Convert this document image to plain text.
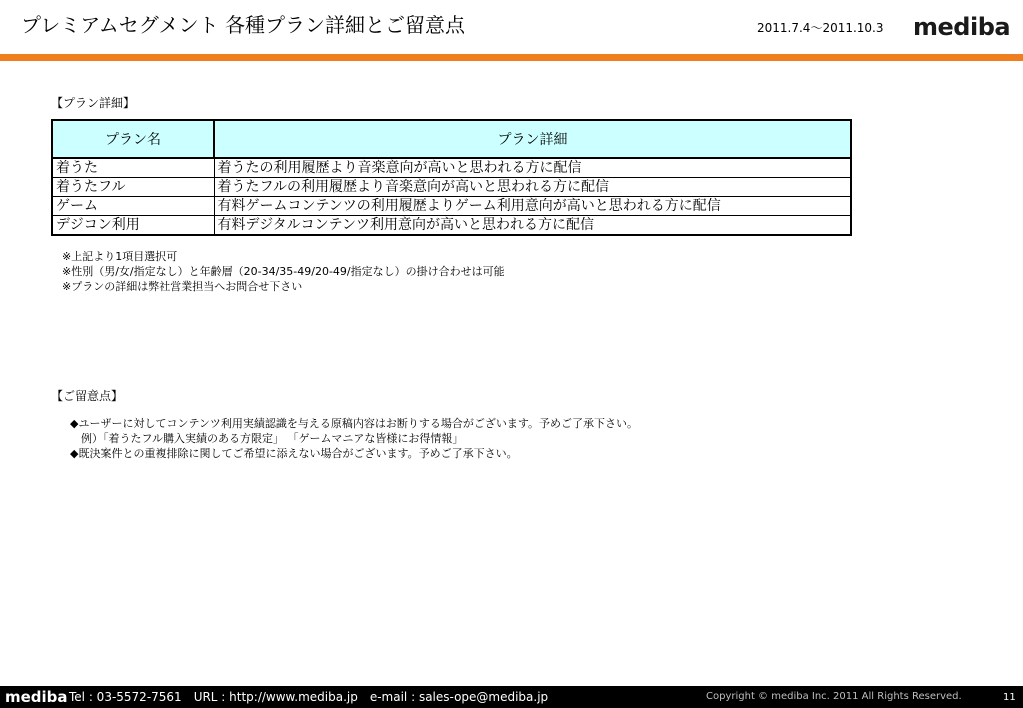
プレミアムセグメント 各種プラン詳細とご留意点	2011.7.4〜2011.10.3 mediba
【プラン詳細】
プラン名	プラン詳細
着うた	着うたの利用履歴より音楽意向が高いと思われる方に配信
着うたフル	着うたフルの利用履歴より音楽意向が高いと思われる方に配信
ゲーム	有料ゲームコンテンツの利用履歴よりゲーム利用意向が高いと思われる方に配信
デジコン利用	有料デジタルコンテンツ利用意向が高いと思われる方に配信
※上記より1項目選択可
※性別（男/女/指定なし）と年齢層（20-34/35-49/20-49/指定なし）の掛け合わせは可能
※プランの詳細は弊社営業担当へお問合せ下さい
【ご留意点】
◆ユーザーに対してコンテンツ利用実績認識を与える原稿内容はお断りする場合がございます。予めご了承下さい。
　例）「着うたフル購入実績のある方限定」 「ゲームマニアな皆様にお得情報」
◆既決案件との重複排除に関してご希望に添えない場合がございます。予めご了承下さい。
mediba Tel : 03-5572-7561　URL : http://www.mediba.jp　e-mail : sales-ope@mediba.jp	Copyright © mediba Inc. 2011 All Rights Reserved.	11
